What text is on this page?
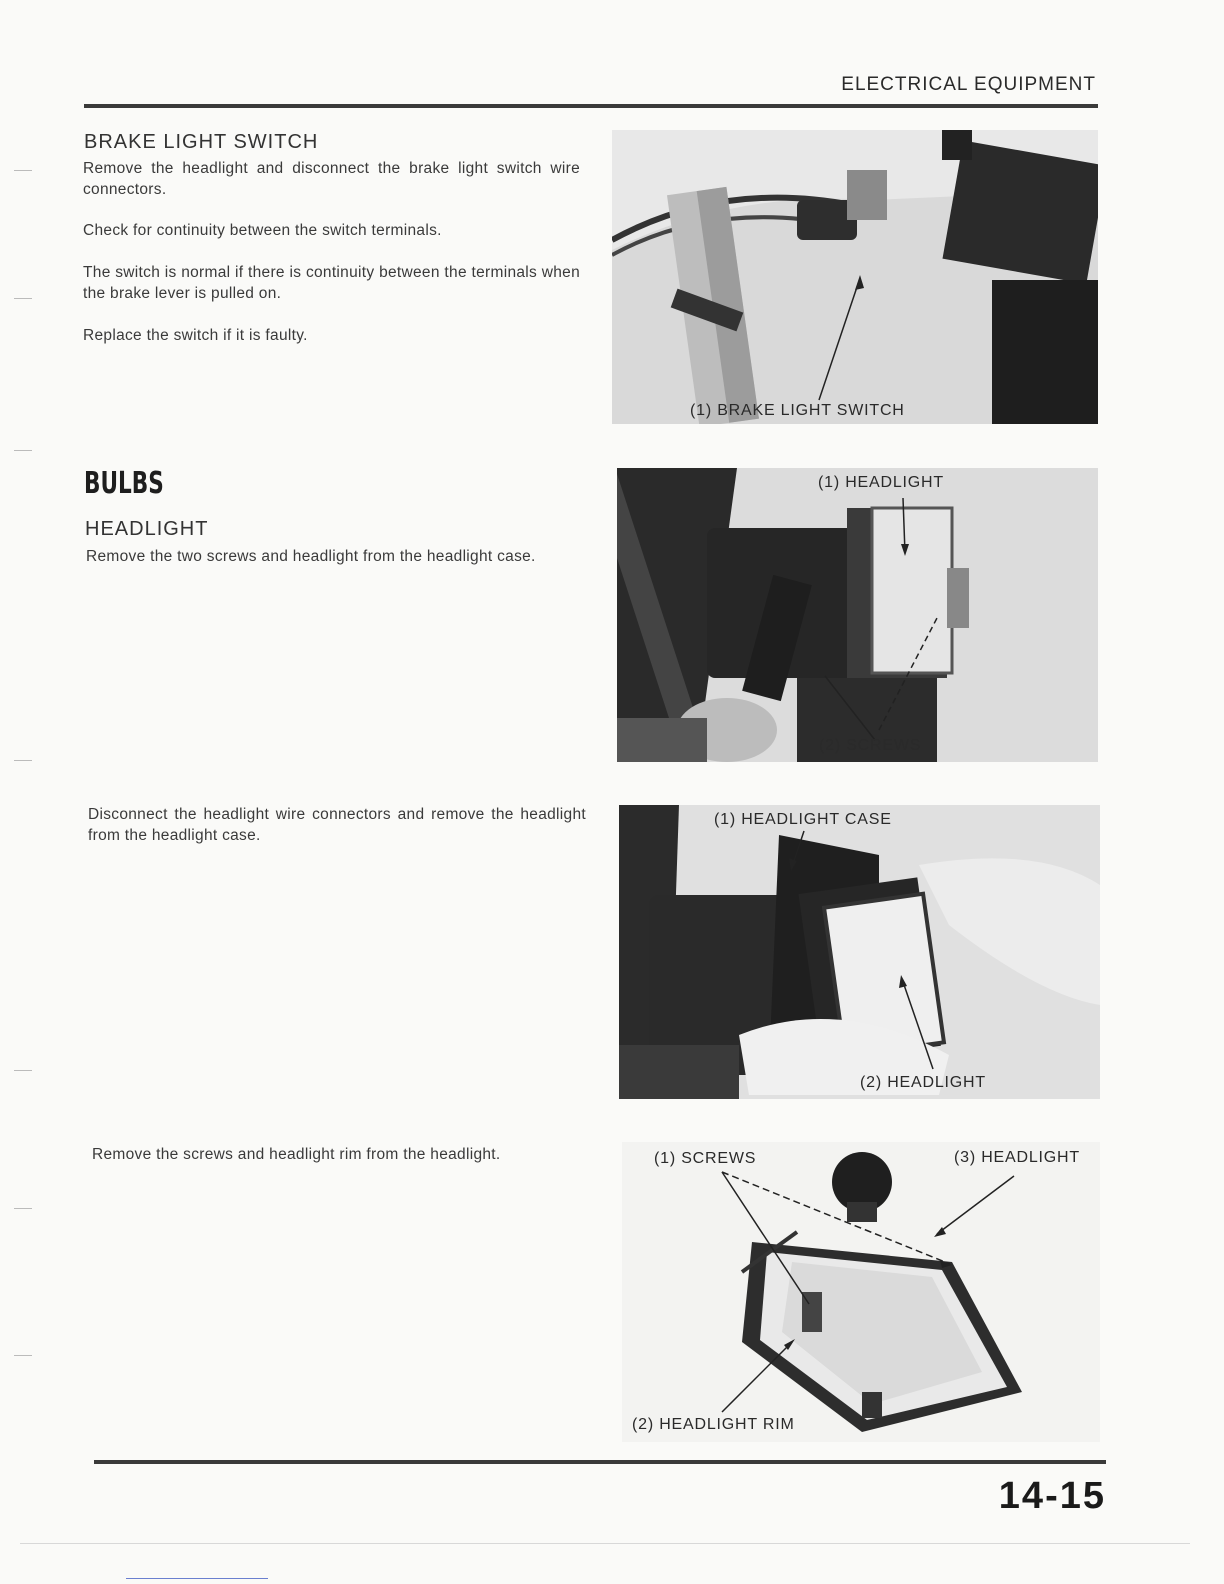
ELECTRICAL EQUIPMENT
BRAKE LIGHT SWITCH

Remove the headlight and disconnect the brake light switch wire connectors.

Check for continuity between the switch terminals.

The switch is normal if there is continuity between the terminals when the brake lever is pulled on.

Replace the switch if it is faulty.

(1) BRAKE LIGHT SWITCH
BULBS
HEADLIGHT

Remove the two screws and headlight from the headlight case.

(1) HEADLIGHT
(2) SCREWS

Disconnect the headlight wire connectors and remove the headlight from the headlight case.

(1) HEADLIGHT CASE
(2) HEADLIGHT

Remove the screws and headlight rim from the headlight.	(1) SCREWS
(2) HEADLIGHT RIM
(3) HEADLIGHT
14-15
